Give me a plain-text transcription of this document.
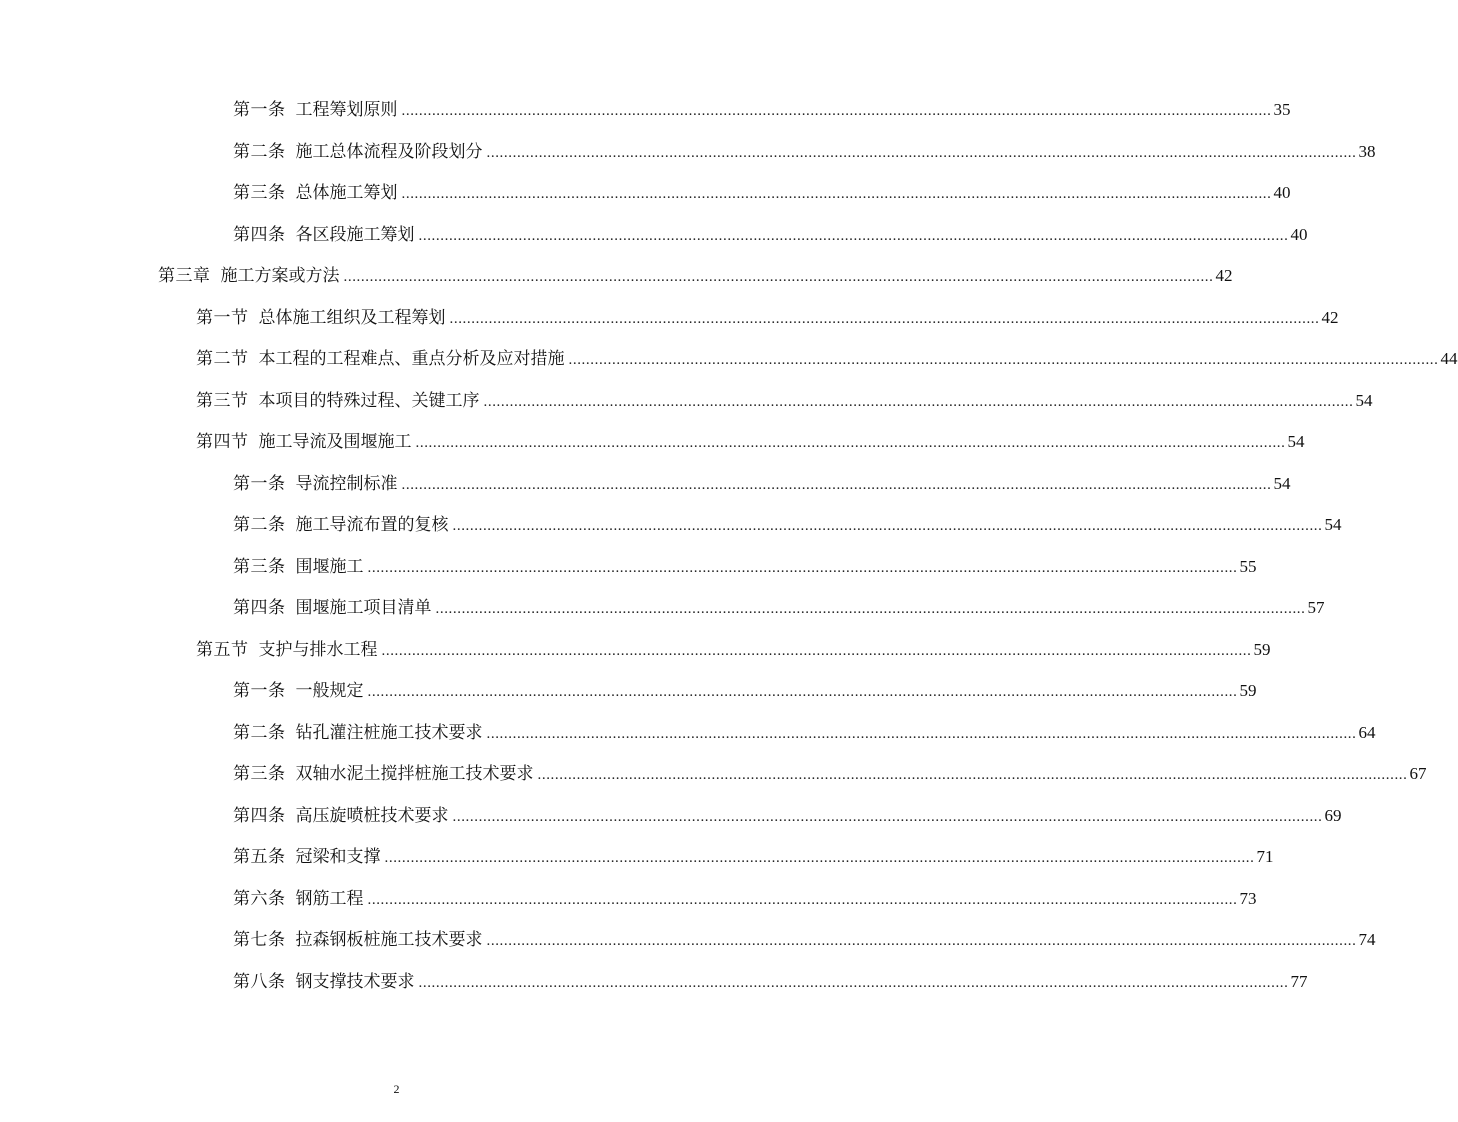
第一条 工程筹划原则 ........................................................................................................................................................................................................ 35
第二条 施工总体流程及阶段划分 ........................................................................................................................................................................................................ 38
第三条 总体施工筹划 ........................................................................................................................................................................................................ 40
第四条 各区段施工筹划 ........................................................................................................................................................................................................ 40
第三章 施工方案或方法 ........................................................................................................................................................................................................ 42
第一节 总体施工组织及工程筹划 ........................................................................................................................................................................................................ 42
第二节 本工程的工程难点、重点分析及应对措施 ........................................................................................................................................................................................................ 44
第三节 本项目的特殊过程、关键工序 ........................................................................................................................................................................................................ 54
第四节 施工导流及围堰施工 ........................................................................................................................................................................................................ 54
第一条 导流控制标准 ........................................................................................................................................................................................................ 54
第二条 施工导流布置的复核 ........................................................................................................................................................................................................ 54
第三条 围堰施工 ........................................................................................................................................................................................................ 55
第四条 围堰施工项目清单 ........................................................................................................................................................................................................ 57
第五节 支护与排水工程 ........................................................................................................................................................................................................ 59
第一条 一般规定 ........................................................................................................................................................................................................ 59
第二条 钻孔灌注桩施工技术要求 ........................................................................................................................................................................................................ 64
第三条 双轴水泥土搅拌桩施工技术要求 ........................................................................................................................................................................................................ 67
第四条 高压旋喷桩技术要求 ........................................................................................................................................................................................................ 69
第五条 冠梁和支撑 ........................................................................................................................................................................................................ 71
第六条 钢筋工程 ........................................................................................................................................................................................................ 73
第七条 拉森钢板桩施工技术要求 ........................................................................................................................................................................................................ 74
第八条 钢支撑技术要求 ........................................................................................................................................................................................................ 77
2
